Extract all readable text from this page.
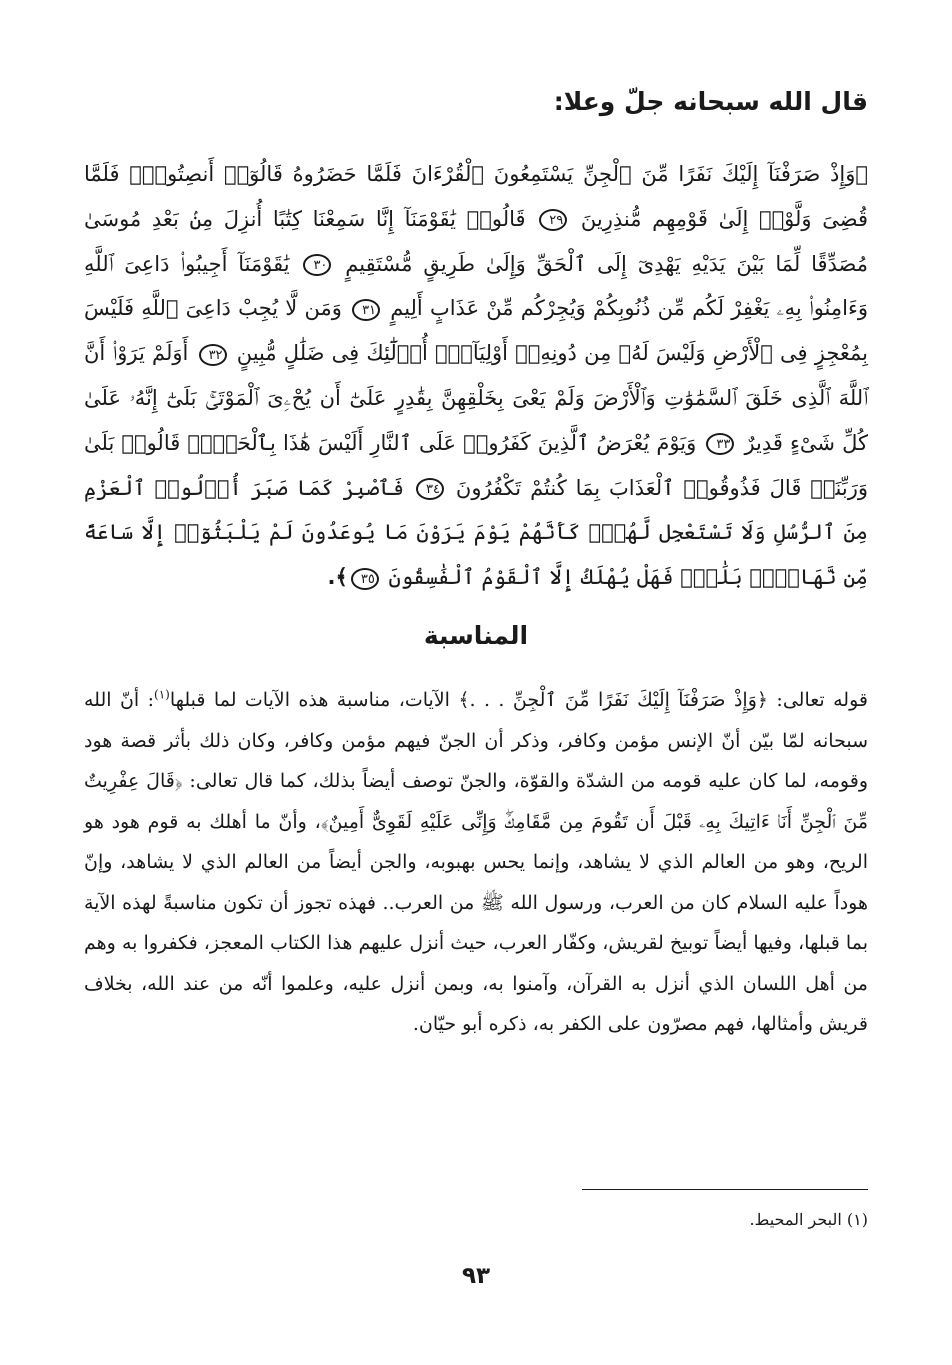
قال الله سبحانه جلّ وعلا:

﴿وَإِذْ صَرَفْنَآ إِلَيْكَ نَفَرًا مِّنَ ٱلْجِنِّ يَسْتَمِعُونَ ٱلْقُرْءَانَ فَلَمَّا حَضَرُوهُ قَالُوٓا۟ أَنصِتُوا۟ۖ فَلَمَّا قُضِىَ وَلَّوْا۟ إِلَىٰ قَوْمِهِم مُّنذِرِينَ ٢٩ قَالُوا۟ يَٰقَوْمَنَآ إِنَّا سَمِعْنَا كِتَٰبًا أُنزِلَ مِنۢ بَعْدِ مُوسَىٰ مُصَدِّقًا لِّمَا بَيْنَ يَدَيْهِ يَهْدِىٓ إِلَى ٱلْحَقِّ وَإِلَىٰ طَرِيقٍ مُّسْتَقِيمٍ ٣٠ يَٰقَوْمَنَآ أَجِيبُوا۟ دَاعِىَ ٱللَّهِ وَءَامِنُوا۟ بِهِۦ يَغْفِرْ لَكُم مِّن ذُنُوبِكُمْ وَيُجِرْكُم مِّنْ عَذَابٍ أَلِيمٍ ٣١ وَمَن لَّا يُجِبْ دَاعِىَ ٱللَّهِ فَلَيْسَ بِمُعْجِزٍ فِى ٱلْأَرْضِ وَلَيْسَ لَهُۥ مِن دُونِهِۦٓ أَوْلِيَآءُۚ أُو۟لَٰٓئِكَ فِى ضَلَٰلٍ مُّبِينٍ ٣٢ أَوَلَمْ يَرَوْا۟ أَنَّ ٱللَّهَ ٱلَّذِى خَلَقَ ٱلسَّمَٰوَٰتِ وَٱلْأَرْضَ وَلَمْ يَعْىَ بِخَلْقِهِنَّ بِقَٰدِرٍ عَلَىٰٓ أَن يُحْۦِىَ ٱلْمَوْتَىٰۚ بَلَىٰٓ إِنَّهُۥ عَلَىٰ كُلِّ شَىْءٍ قَدِيرٌ ٣٣ وَيَوْمَ يُعْرَضُ ٱلَّذِينَ كَفَرُوا۟ عَلَى ٱلنَّارِ أَلَيْسَ هَٰذَا بِٱلْحَقِّۖ قَالُوا۟ بَلَىٰ وَرَبِّنَاۚ قَالَ فَذُوقُوا۟ ٱلْعَذَابَ بِمَا كُنتُمْ تَكْفُرُونَ ٣٤ فَٱصْبِرْ كَمَا صَبَرَ أُو۟لُوا۟ ٱلْعَزْمِ مِنَ ٱلرُّسُلِ وَلَا تَسْتَعْجِل لَّهُمْۚ كَأَنَّهُمْ يَوْمَ يَرَوْنَ مَا يُوعَدُونَ لَمْ يَلْبَثُوٓا۟ إِلَّا سَاعَةً مِّن نَّهَارٍۭۚ بَلَٰغٌۚ فَهَلْ يُهْلَكُ إِلَّا ٱلْقَوْمُ ٱلْفَٰسِقُونَ ٣٥﴾.

المناسبة

قوله تعالى: ﴿وَإِذْ صَرَفْنَآ إِلَيْكَ نَفَرًا مِّنَ ٱلْجِنِّ . . .﴾ الآيات، مناسبة هذه الآيات لما قبلها$^{(١)}$: أنّ الله سبحانه لمّا بيّن أنّ الإنس مؤمن وكافر، وذكر أن الجنّ فيهم مؤمن وكافر، وكان ذلك بأثر قصة هود وقومه، لما كان عليه قومه من الشدّة والقوّة، والجنّ توصف أيضاً بذلك، كما قال تعالى: ﴿قَالَ عِفْرِيتٌ مِّنَ ٱلْجِنِّ أَنَا۠ ءَاتِيكَ بِهِۦ قَبْلَ أَن تَقُومَ مِن مَّقَامِكَۖ وَإِنِّى عَلَيْهِ لَقَوِىٌّ أَمِينٌ﴾، وأنّ ما أهلك به قوم هود هو الريح، وهو من العالم الذي لا يشاهد، وإنما يحس بهبوبه، والجن أيضاً من العالم الذي لا يشاهد، وإنّ هوداً عليه السلام كان من العرب، ورسول الله ﷺ من العرب.. فهذه تجوز أن تكون مناسبةً لهذه الآية بما قبلها، وفيها أيضاً توبيخ لقريش، وكفّار العرب، حيث أنزل عليهم هذا الكتاب المعجز، فكفروا به وهم من أهل اللسان الذي أنزل به القرآن، وآمنوا به، وبمن أنزل عليه، وعلموا أنّه من عند الله، بخلاف قريش وأمثالها، فهم مصرّون على الكفر به، ذكره أبو حيّان.

(١) البحر المحيط.

٩٣
